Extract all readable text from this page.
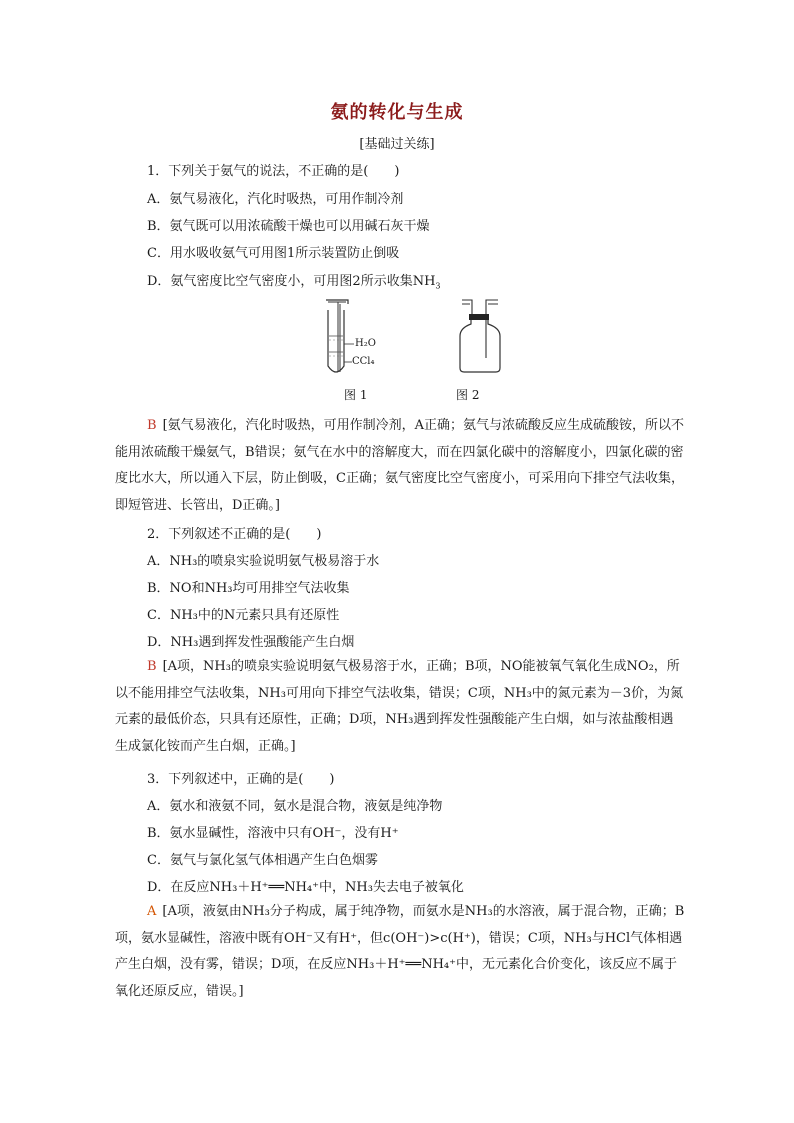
氨的转化与生成
[基础过关练]
1．下列关于氨气的说法，不正确的是(　　)
A．氨气易液化，汽化时吸热，可用作制冷剂
B．氨气既可以用浓硫酸干燥也可以用碱石灰干燥
C．用水吸收氨气可用图1所示装置防止倒吸
D．氨气密度比空气密度小，可用图2所示收集$NH_3$
H₂O
CCl₄
图 1	图 2
B [氨气易液化，汽化时吸热，可用作制冷剂，A正确；氨气与浓硫酸反应生成硫酸铵，所以不能用浓硫酸干燥氨气，B错误；氨气在水中的溶解度大，而在四氯化碳中的溶解度小，四氯化碳的密度比水大，所以通入下层，防止倒吸，C正确；氨气密度比空气密度小，可采用向下排空气法收集，即短管进、长管出，D正确。]
2．下列叙述不正确的是(　　)
A．NH₃的喷泉实验说明氨气极易溶于水
B．NO和NH₃均可用排空气法收集
C．NH₃中的N元素只具有还原性
D．NH₃遇到挥发性强酸能产生白烟
B [A项，NH₃的喷泉实验说明氨气极易溶于水，正确；B项，NO能被氧气氧化生成NO₂，所以不能用排空气法收集，NH₃可用向下排空气法收集，错误；C项，NH₃中的氮元素为－3价，为氮元素的最低价态，只具有还原性，正确；D项，NH₃遇到挥发性强酸能产生白烟，如与浓盐酸相遇生成氯化铵而产生白烟，正确。]
3．下列叙述中，正确的是(　　)
A．氨水和液氨不同，氨水是混合物，液氨是纯净物
B．氨水显碱性，溶液中只有OH⁻，没有H⁺
C．氨气与氯化氢气体相遇产生白色烟雾
D．在反应NH₃＋H⁺══NH₄⁺中，NH₃失去电子被氧化
A [A项，液氨由NH₃分子构成，属于纯净物，而氨水是NH₃的水溶液，属于混合物，正确；B项，氨水显碱性，溶液中既有OH⁻又有H⁺，但c(OH⁻)>c(H⁺)，错误；C项，NH₃与HCl气体相遇产生白烟，没有雾，错误；D项，在反应NH₃＋H⁺══NH₄⁺中，无元素化合价变化，该反应不属于氧化还原反应，错误。]
